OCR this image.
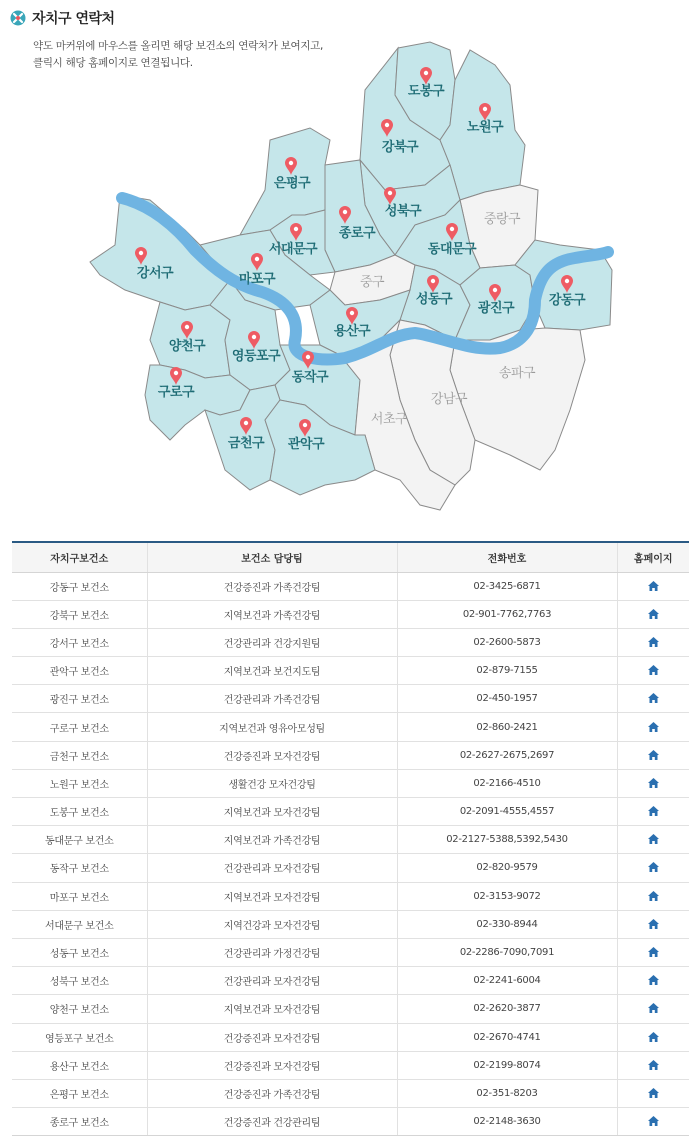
자치구 연락처

약도 마커위에 마우스를 올리면 해당 보건소의 연락처가 보여지고,

클릭시 해당 홈페이지로 연결됩니다.

도봉구
노원구
강북구
은평구
성북구
중랑구
종로구
서대문구	동대문구
강서구	마포구	중구
성동구
광진구
강동구
용산구
양천구
영등포구
송파구
동작구
구로구	강남구
서초구
금천구 관악구
자치구보건소	보건소 담당팀	전화번호	홈페이지
강동구 보건소	건강증진과 가족건강팀	02-3425-6871	
강북구 보건소	지역보건과 가족건강팀	02-901-7762,7763	
강서구 보건소	건강관리과 건강지원팀	02-2600-5873	
관악구 보건소	지역보건과 보건지도팀	02-879-7155	
광진구 보건소	건강관리과 가족건강팀	02-450-1957	
구로구 보건소	지역보건과 영유아모성팀	02-860-2421	
금천구 보건소	건강증진과 모자건강팀	02-2627-2675,2697	
노원구 보건소	생활건강 모자건강팀	02-2166-4510	
도봉구 보건소	지역보건과 모자건강팀	02-2091-4555,4557	
동대문구 보건소	지역보건과 가족건강팀	02-2127-5388,5392,5430	
동작구 보건소	건강관리과 모자건강팀	02-820-9579	
마포구 보건소	지역보건과 모자건강팀	02-3153-9072	
서대문구 보건소	지역건강과 모자건강팀	02-330-8944	
성동구 보건소	건강관리과 가정건강팀	02-2286-7090,7091	
성북구 보건소	건강관리과 모자건강팀	02-2241-6004	
양천구 보건소	지역보건과 모자건강팀	02-2620-3877	
영등포구 보건소	건강증진과 모자건강팀	02-2670-4741	
용산구 보건소	건강증진과 모자건강팀	02-2199-8074	
은평구 보건소	건강증진과 가족건강팀	02-351-8203	
종로구 보건소	건강증진과 건강관리팀	02-2148-3630	
